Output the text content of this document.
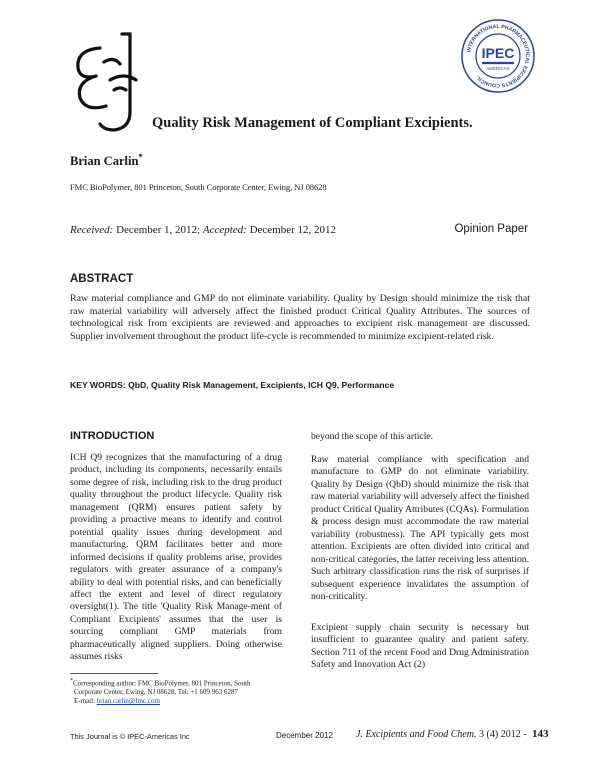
INTERNATIONAL PHARMACEUTICAL EXCIPIENTS COUNCIL
IPEC
AMERICAS
Quality Risk Management of Compliant Excipients.
Brian Carlin*
FMC BioPolymer, 801 Princeton, South Corporate Center, Ewing, NJ 08628
Received: December 1, 2012; Accepted: December 12, 2012	Opinion Paper
ABSTRACT
Raw material compliance and GMP do not eliminate variability. Quality by Design should minimize the risk that raw material variability will adversely affect the finished product Critical Quality Attributes. The sources of technological risk from excipients are reviewed and approaches to excipient risk management are discussed. Supplier involvement throughout the product life-cycle is recommended to minimize excipient-related risk.
KEY WORDS: QbD, Quality Risk Management, Excipients, ICH Q9, Performance
INTRODUCTION
ICH Q9 recognizes that the manufacturing of a drug product, including its components, necessarily entails some degree of risk, including risk to the drug product quality throughout the product lifecycle. Quality risk management (QRM) ensures patient safety by providing a proactive means to identify and control potential quality issues during development and manufacturing. QRM facilitates better and more informed decisions if quality problems arise, provides regulators with greater assurance of a company's ability to deal with potential risks, and can beneficially affect the extent and level of direct regulatory oversight(1). The title 'Quality Risk Manage-ment of Compliant Excipients' assumes that the user is sourcing compliant GMP materials from pharmaceutically aligned suppliers. Doing otherwise assumes risks
beyond the scope of this article.
Raw material compliance with specification and manufacture to GMP do not eliminate variability. Quality by Design (QbD) should minimize the risk that raw material variability will adversely affect the finished product Critical Quality Attributes (CQAs). Formulation & process design must accommodate the raw material variability (robustness). The API typically gets most attention. Excipients are often divided into critical and non-critical categories, the latter receiving less attention. Such arbitrary classification runs the risk of surprises if subsequent experience invalidates the assumption of non-criticality.
Excipient supply chain security is necessary but insufficient to guarantee quality and patient safety. Section 711 of the recent Food and Drug Administration Safety and Innovation Act (2)
*Corresponding author: FMC BioPolymer, 801 Princeton, South
Corporate Center, Ewing, NJ 08628, Tel: +1 609 963 6287
E-mail: brian.carlin@fmc.com
This Journal is © IPEC-Americas Inc	December 2012 J. Excipients and Food Chem. 3 (4) 2012 - 143
